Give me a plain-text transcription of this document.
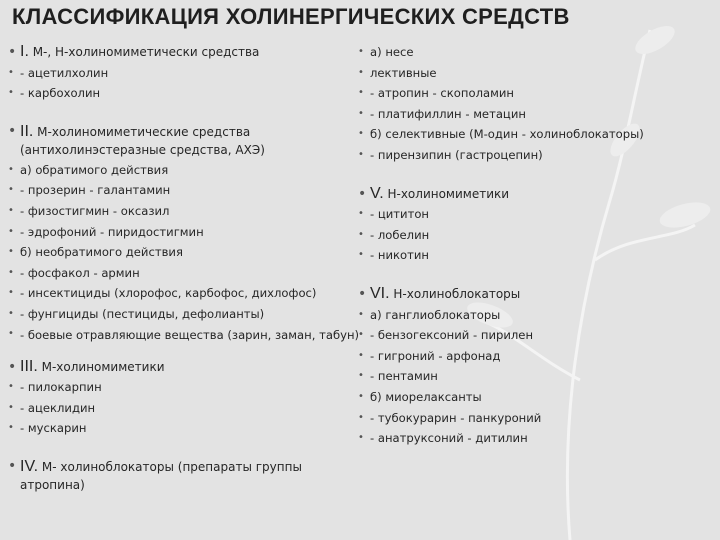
КЛАССИФИКАЦИЯ ХОЛИНЕРГИЧЕСКИХ СРЕДСТВ
• I. М-, Н-холиномиметически средства
• - ацетилхолин
• - карбохолин
• II. М-холиномиметические средства (антихолинэстеразные средства, АХЭ)
• а) обратимого действия
• - прозерин - галантамин
• - физостигмин - оксазил
• - эдрофоний - пиридостигмин
• б) необратимого действия
• - фосфакол - армин
• - инсектициды (хлорофос, карбофос, дихлофос)
• - фунгициды (пестициды, дефолианты)
• - боевые отравляющие вещества (зарин, заман, табун)
• III. М-холиномиметики
• - пилокарпин
• - ацеклидин
• - мускарин
• IV. М- холиноблокаторы (препараты группы атропина)
• а) несе
• лективные
• - атропин - скополамин
• - платифиллин - метацин
• б) селективные (М-один - холиноблокаторы)
• - пирензипин (гастроцепин)
• V. Н-холиномиметики
• - цититон
• - лобелин
• - никотин
• VI. Н-холиноблокаторы
• а) ганглиоблокаторы
• - бензогексоний - пирилен
• - гигроний - арфонад
• - пентамин
• б) миорелаксанты
• - тубокурарин - панкуроний
• - анатруксоний - дитилин
